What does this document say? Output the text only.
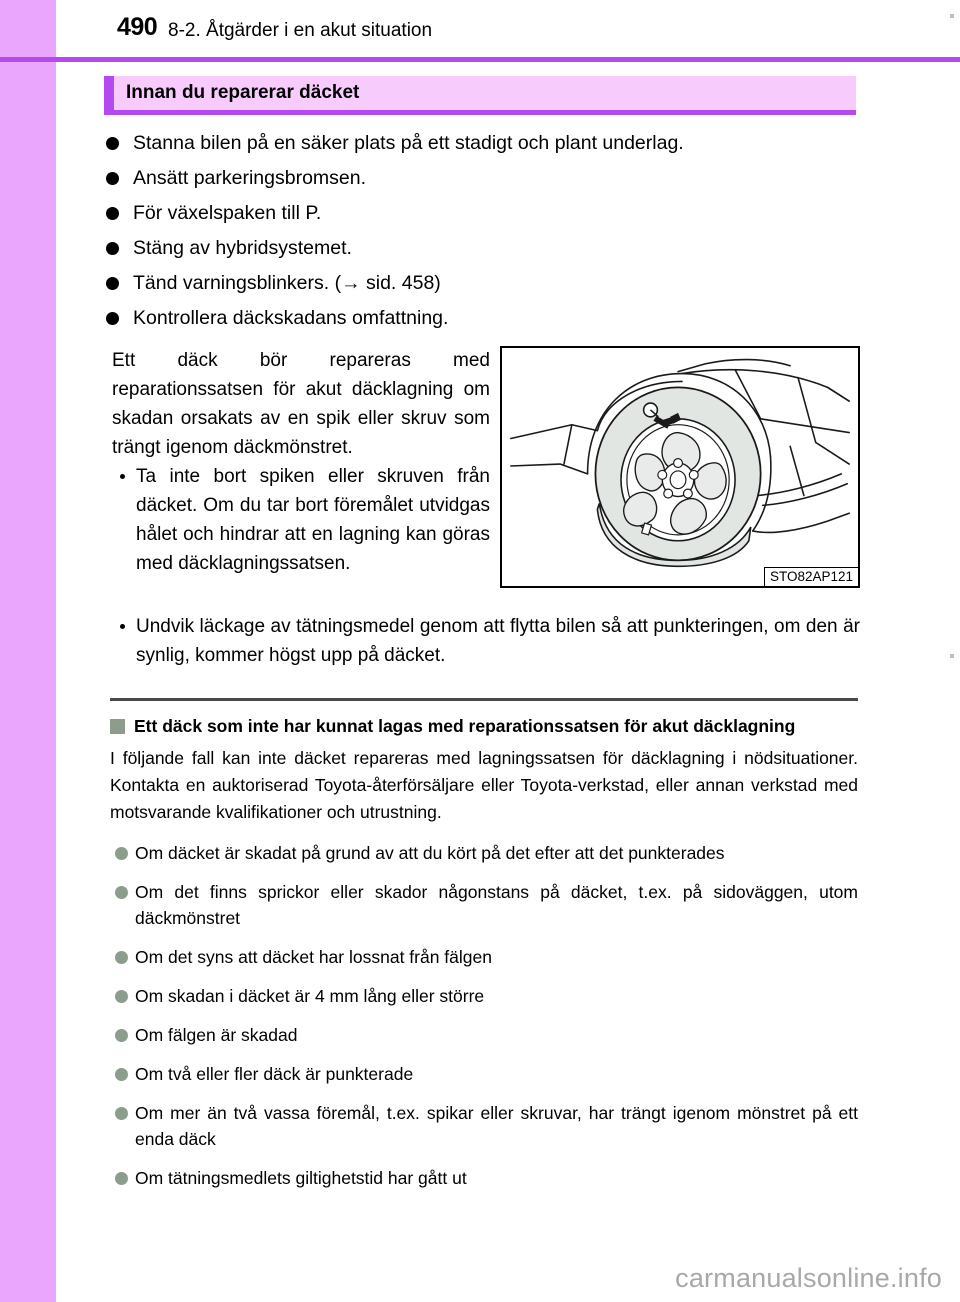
490 8-2. Åtgärder i en akut situation
Innan du reparerar däcket
Stanna bilen på en säker plats på ett stadigt och plant underlag.
Ansätt parkeringsbromsen.
För växelspaken till P.
Stäng av hybridsystemet.
Tänd varningsblinkers. (→ sid. 458)
Kontrollera däckskadans omfattning.

Ett däck bör repareras med reparationssatsen för akut däcklagning om skadan orsakats av en spik eller skruv som trängt igenom däckmönstret.

Ta inte bort spiken eller skruven från däcket. Om du tar bort föremålet utvidgas hålet och hindrar att en lagning kan göras med däcklagningssatsen.
STO82AP121
Undvik läckage av tätningsmedel genom att flytta bilen så att punkteringen, om den är synlig, kommer högst upp på däcket.
Ett däck som inte har kunnat lagas med reparationssatsen för akut däcklagning
I följande fall kan inte däcket repareras med lagningssatsen för däcklagning i nödsituationer. Kontakta en auktoriserad Toyota-återförsäljare eller Toyota-verkstad, eller annan verkstad med motsvarande kvalifikationer och utrustning.
Om däcket är skadat på grund av att du kört på det efter att det punkterades
Om det finns sprickor eller skador någonstans på däcket, t.ex. på sidoväggen, utom däckmönstret
Om det syns att däcket har lossnat från fälgen
Om skadan i däcket är 4 mm lång eller större
Om fälgen är skadad
Om två eller fler däck är punkterade
Om mer än två vassa föremål, t.ex. spikar eller skruvar, har trängt igenom mönstret på ett enda däck
Om tätningsmedlets giltighetstid har gått ut
carmanualsonline.info
